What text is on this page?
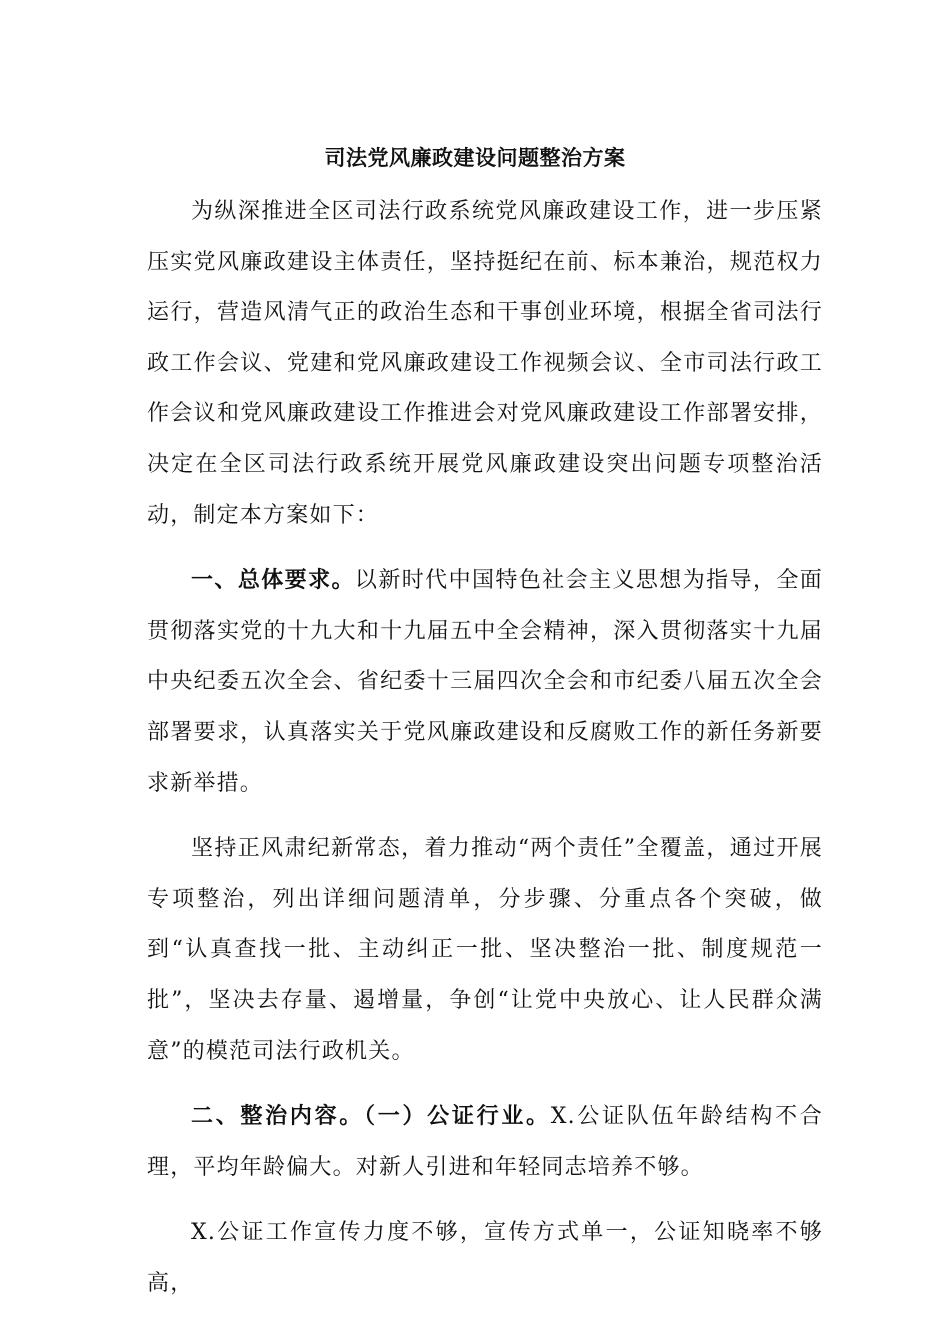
司法党风廉政建设问题整治方案

为纵深推进全区司法行政系统党风廉政建设工作，进一步压紧压实党风廉政建设主体责任，坚持挺纪在前、标本兼治，规范权力运行，营造风清气正的政治生态和干事创业环境，根据全省司法行政工作会议、党建和党风廉政建设工作视频会议、全市司法行政工作会议和党风廉政建设工作推进会对党风廉政建设工作部署安排，决定在全区司法行政系统开展党风廉政建设突出问题专项整治活动，制定本方案如下：

一、总体要求。以新时代中国特色社会主义思想为指导，全面贯彻落实党的十九大和十九届五中全会精神，深入贯彻落实十九届中央纪委五次全会、省纪委十三届四次全会和市纪委八届五次全会部署要求，认真落实关于党风廉政建设和反腐败工作的新任务新要求新举措。

坚持正风肃纪新常态，着力推动“两个责任”全覆盖，通过开展专项整治，列出详细问题清单，分步骤、分重点各个突破，做到“认真查找一批、主动纠正一批、坚决整治一批、制度规范一批”，坚决去存量、遏增量，争创“让党中央放心、让人民群众满意”的模范司法行政机关。

二、整治内容。（一）公证行业。X.公证队伍年龄结构不合理，平均年龄偏大。对新人引进和年轻同志培养不够。

X.公证工作宣传力度不够，宣传方式单一，公证知晓率不够高，
